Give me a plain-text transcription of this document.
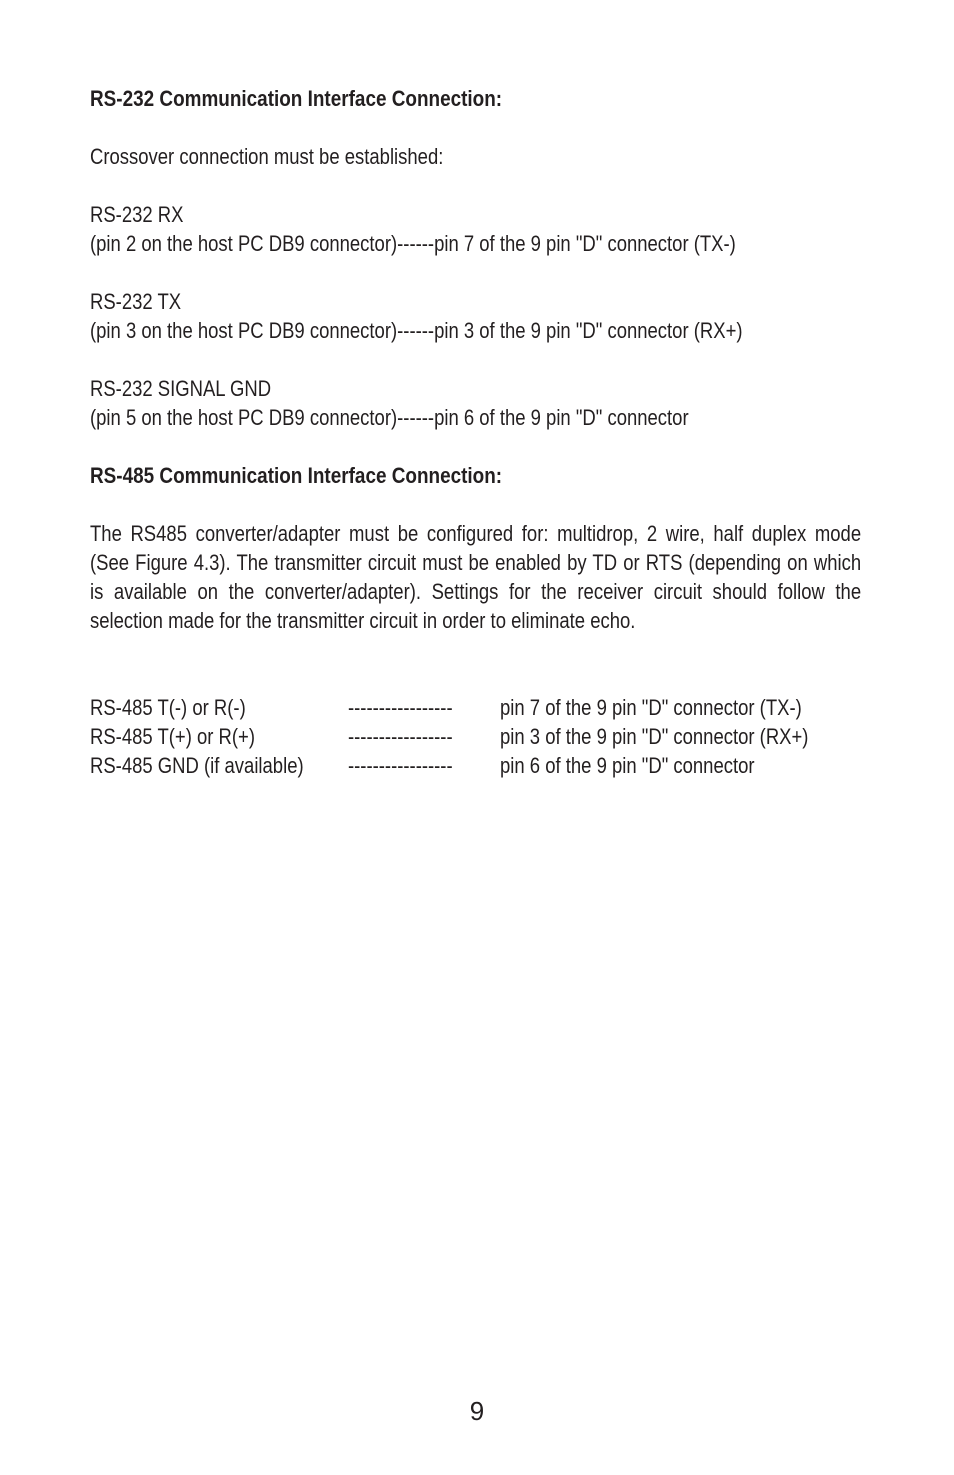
RS-232 Communication Interface Connection:
Crossover connection must be established:
RS-232 RX
(pin 2 on the host PC DB9 connector)------pin 7 of the 9 pin "D" connector (TX-)
RS-232 TX
(pin 3 on the host PC DB9 connector)------pin 3 of the 9 pin "D" connector (RX+)
RS-232 SIGNAL GND
(pin 5 on the host PC DB9 connector)------pin 6 of the 9 pin "D" connector
RS-485 Communication Interface Connection:
The RS485 converter/adapter must be configured for: multidrop, 2 wire, half duplex mode (See Figure 4.3). The transmitter circuit must be enabled by TD or RTS (depending on which is available on the converter/adapter). Settings for the receiver circuit should follow the selection made for the transmitter circuit in order to eliminate echo.
RS-485 T(-) or R(-)	----------------- pin 7 of the 9 pin "D" connector (TX-)
RS-485 T(+) or R(+)	----------------- pin 3 of the 9 pin "D" connector (RX+)
RS-485 GND (if available) ----------------- pin 6 of the 9 pin "D" connector
9
